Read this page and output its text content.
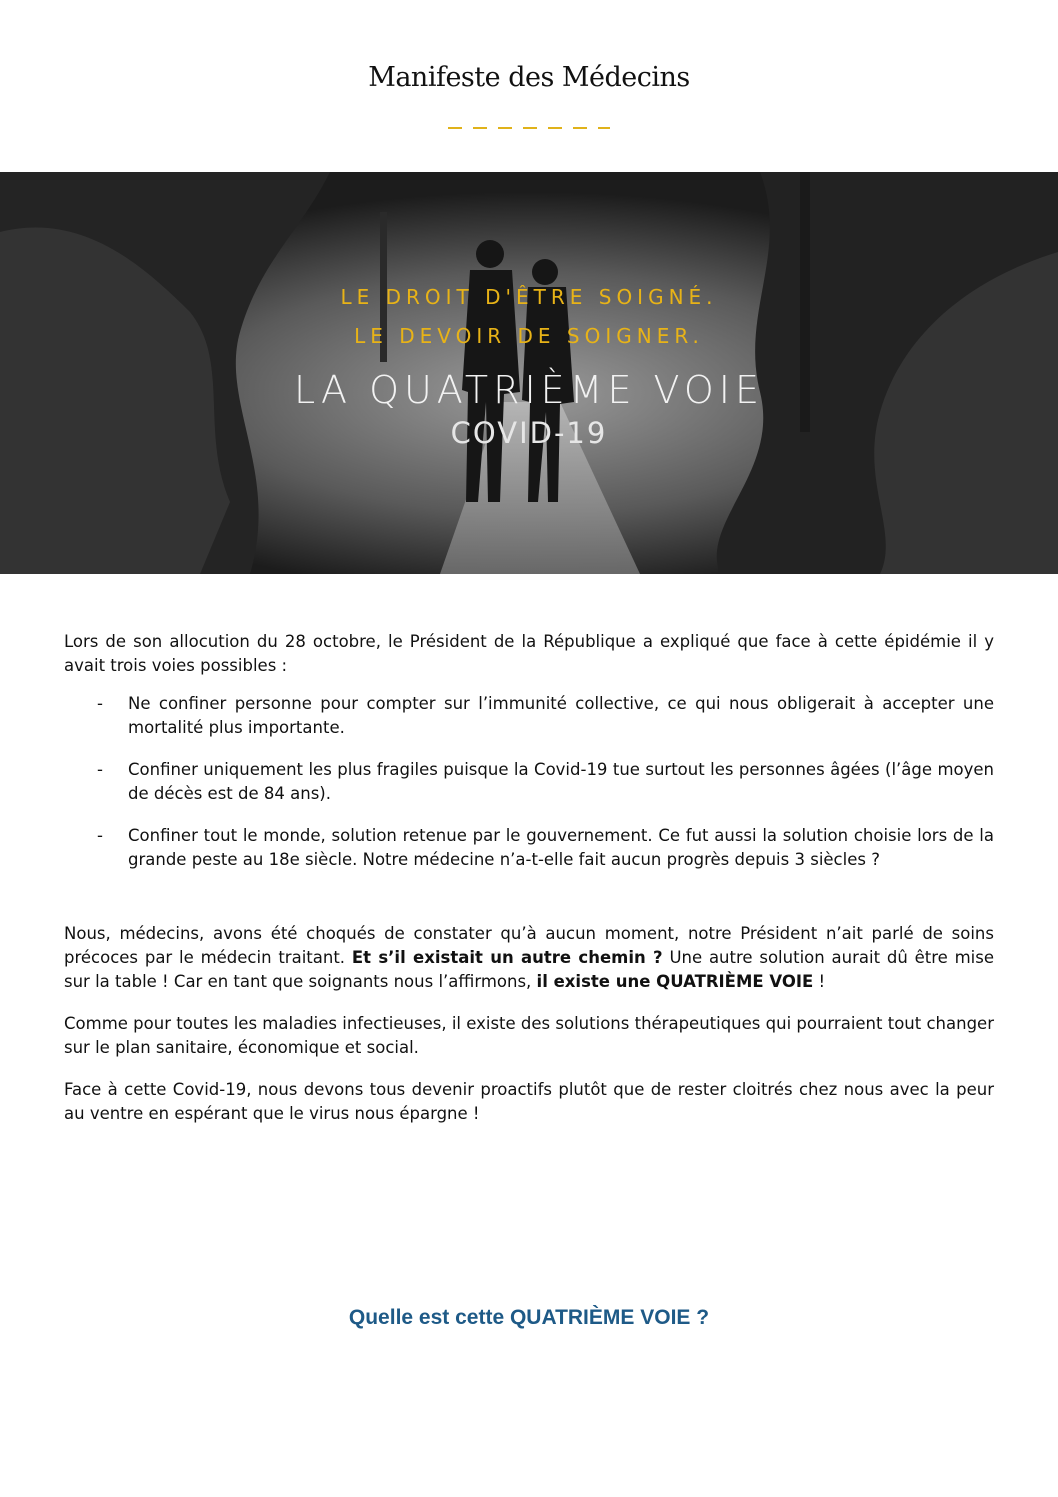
Manifeste des Médecins
LE DROIT D'ÊTRE SOIGNÉ.
LE DEVOIR DE SOIGNER.
LA QUATRIÈME VOIE
COVID-19

Lors de son allocution du 28 octobre, le Président de la République a expliqué que face à cette épidémie il y avait trois voies possibles :

- Ne confiner personne pour compter sur l’immunité collective, ce qui nous obligerait à accepter une mortalité plus importante.
- Confiner uniquement les plus fragiles puisque la Covid-19 tue surtout les personnes âgées (l’âge moyen de décès est de 84 ans).
- Confiner tout le monde, solution retenue par le gouvernement. Ce fut aussi la solution choisie lors de la grande peste au 18e siècle. Notre médecine n’a-t-elle fait aucun progrès depuis 3 siècles ?

Nous, médecins, avons été choqués de constater qu’à aucun moment, notre Président n’ait parlé de soins précoces par le médecin traitant. Et s’il existait un autre chemin ? Une autre solution aurait dû être mise sur la table ! Car en tant que soignants nous l’affirmons, il existe une QUATRIÈME VOIE !

Comme pour toutes les maladies infectieuses, il existe des solutions thérapeutiques qui pourraient tout changer sur le plan sanitaire, économique et social.

Face à cette Covid-19, nous devons tous devenir proactifs plutôt que de rester cloitrés chez nous avec la peur au ventre en espérant que le virus nous épargne !

Quelle est cette QUATRIÈME VOIE ?
